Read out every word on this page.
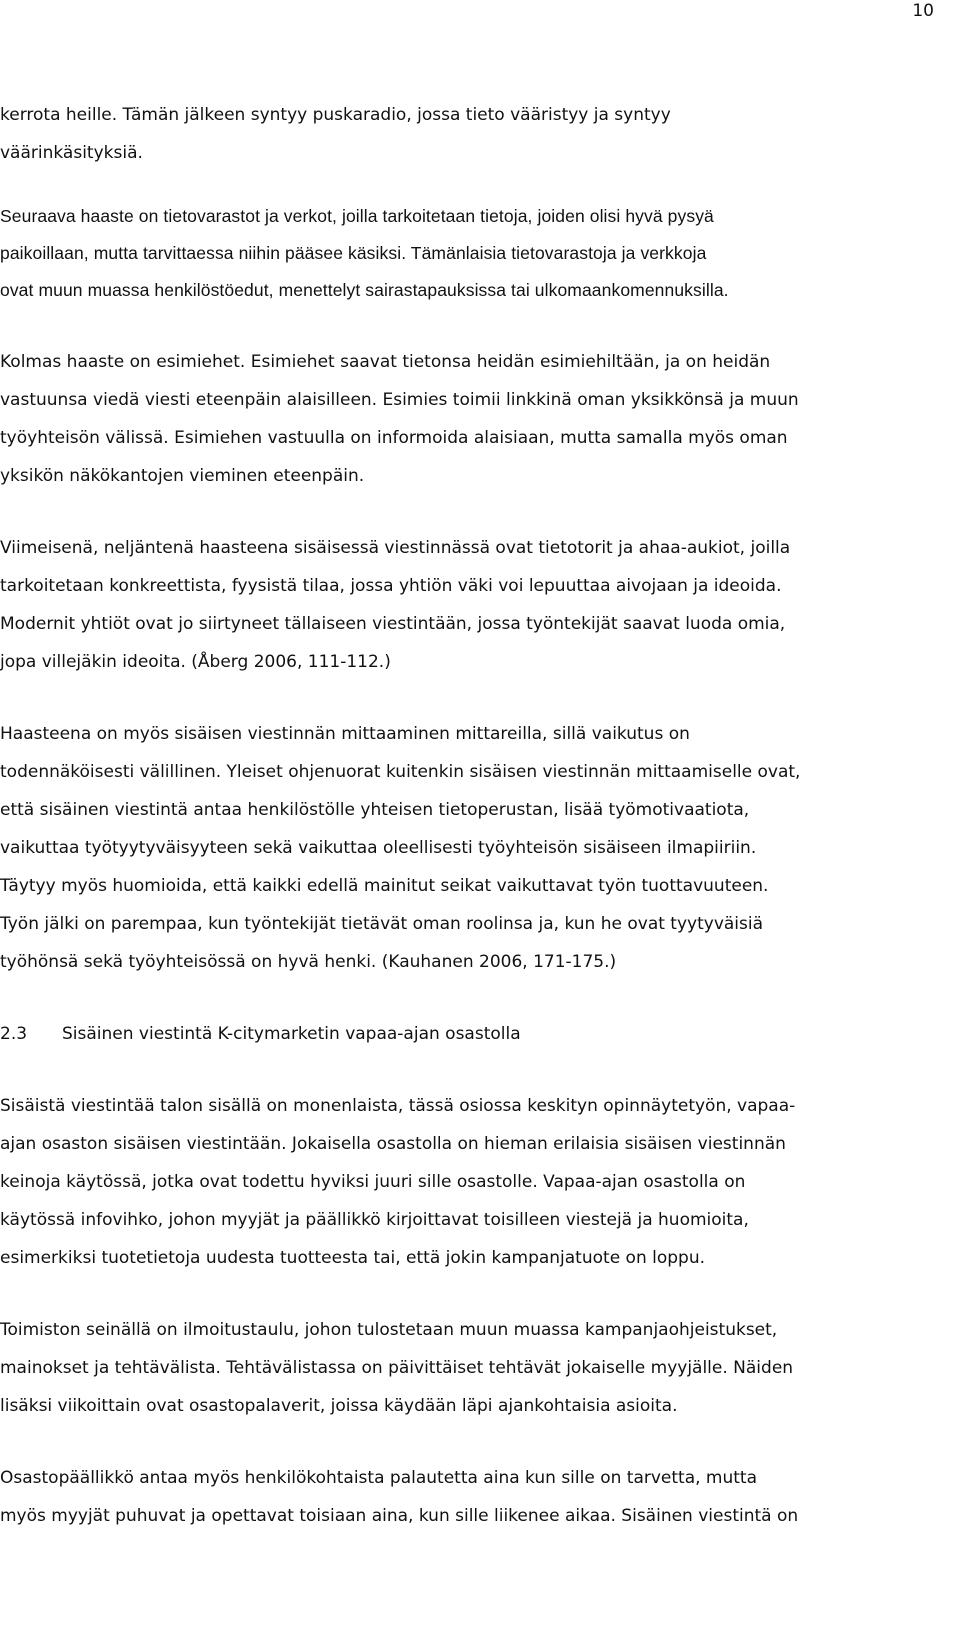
10

kerrota heille. Tämän jälkeen syntyy puskaradio, jossa tieto vääristyy ja syntyy
väärinkäsityksiä.

Seuraava haaste on tietovarastot ja verkot, joilla tarkoitetaan tietoja, joiden olisi hyvä pysyä
paikoillaan, mutta tarvittaessa niihin pääsee käsiksi. Tämänlaisia tietovarastoja ja verkkoja
ovat muun muassa henkilöstöedut, menettelyt sairastapauksissa tai ulkomaankomennuksilla.

Kolmas haaste on esimiehet. Esimiehet saavat tietonsa heidän esimiehiltään, ja on heidän
vastuunsa viedä viesti eteenpäin alaisilleen. Esimies toimii linkkinä oman yksikkönsä ja muun
työyhteisön välissä. Esimiehen vastuulla on informoida alaisiaan, mutta samalla myös oman
yksikön näkökantojen vieminen eteenpäin.

Viimeisenä, neljäntenä haasteena sisäisessä viestinnässä ovat tietotorit ja ahaa-aukiot, joilla
tarkoitetaan konkreettista, fyysistä tilaa, jossa yhtiön väki voi lepuuttaa aivojaan ja ideoida.
Modernit yhtiöt ovat jo siirtyneet tällaiseen viestintään, jossa työntekijät saavat luoda omia,
jopa villejäkin ideoita. (Åberg 2006, 111-112.)

Haasteena on myös sisäisen viestinnän mittaaminen mittareilla, sillä vaikutus on
todennäköisesti välillinen. Yleiset ohjenuorat kuitenkin sisäisen viestinnän mittaamiselle ovat,
että sisäinen viestintä antaa henkilöstölle yhteisen tietoperustan, lisää työmotivaatiota,
vaikuttaa työtyytyväisyyteen sekä vaikuttaa oleellisesti työyhteisön sisäiseen ilmapiiriin.
Täytyy myös huomioida, että kaikki edellä mainitut seikat vaikuttavat työn tuottavuuteen.
Työn jälki on parempaa, kun työntekijät tietävät oman roolinsa ja, kun he ovat tyytyväisiä
työhönsä sekä työyhteisössä on hyvä henki. (Kauhanen 2006, 171-175.)

2.3	Sisäinen viestintä K-citymarketin vapaa-ajan osastolla

Sisäistä viestintää talon sisällä on monenlaista, tässä osiossa keskityn opinnäytetyön, vapaa-
ajan osaston sisäisen viestintään. Jokaisella osastolla on hieman erilaisia sisäisen viestinnän
keinoja käytössä, jotka ovat todettu hyviksi juuri sille osastolle. Vapaa-ajan osastolla on
käytössä infovihko, johon myyjät ja päällikkö kirjoittavat toisilleen viestejä ja huomioita,
esimerkiksi tuotetietoja uudesta tuotteesta tai, että jokin kampanjatuote on loppu.

Toimiston seinällä on ilmoitustaulu, johon tulostetaan muun muassa kampanjaohjeistukset,
mainokset ja tehtävälista. Tehtävälistassa on päivittäiset tehtävät jokaiselle myyjälle. Näiden
lisäksi viikoittain ovat osastopalaverit, joissa käydään läpi ajankohtaisia asioita.

Osastopäällikkö antaa myös henkilökohtaista palautetta aina kun sille on tarvetta, mutta
myös myyjät puhuvat ja opettavat toisiaan aina, kun sille liikenee aikaa. Sisäinen viestintä on
